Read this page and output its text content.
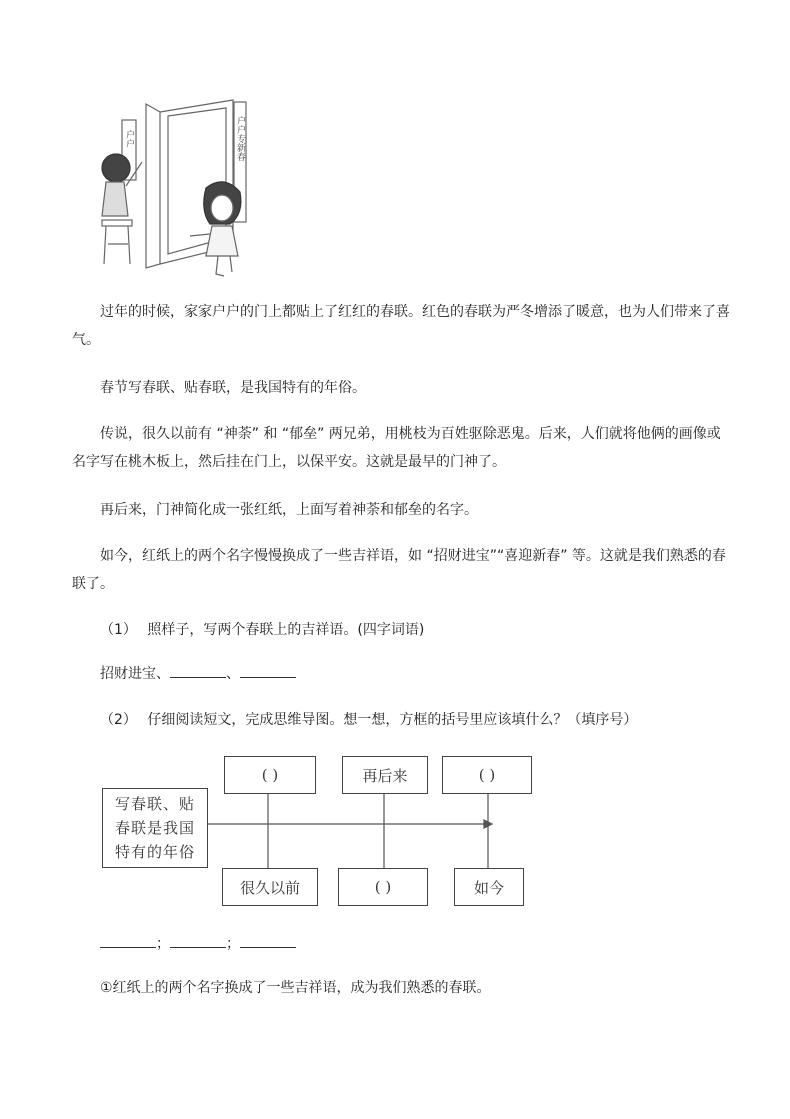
户户专新春
户户
过年的时候，家家户户的门上都贴上了红红的春联。红色的春联为严冬增添了暖意，也为人们带来了喜气。
春节写春联、贴春联，是我国特有的年俗。
传说，很久以前有 “神荼” 和 “郁垒” 两兄弟，用桃枝为百姓驱除恶鬼。后来，人们就将他俩的画像或名字写在桃木板上，然后挂在门上，以保平安。这就是最早的门神了。
再后来，门神简化成一张红纸，上面写着神荼和郁垒的名字。
如今，红纸上的两个名字慢慢换成了一些吉祥语，如 “招财进宝”“喜迎新春” 等。这就是我们熟悉的春联了。
（1） 照样子，写两个春联上的吉祥语。(四字词语)
招财进宝、	、
（2） 仔细阅读短文，完成思维导图。想一想，方框的括号里应该填什么？（填序号）
写春联、贴
春联是我国
特有的年俗
( )	再后来	( )
很久以前	( )	如今
；	；
①红纸上的两个名字换成了一些吉祥语，成为我们熟悉的春联。
